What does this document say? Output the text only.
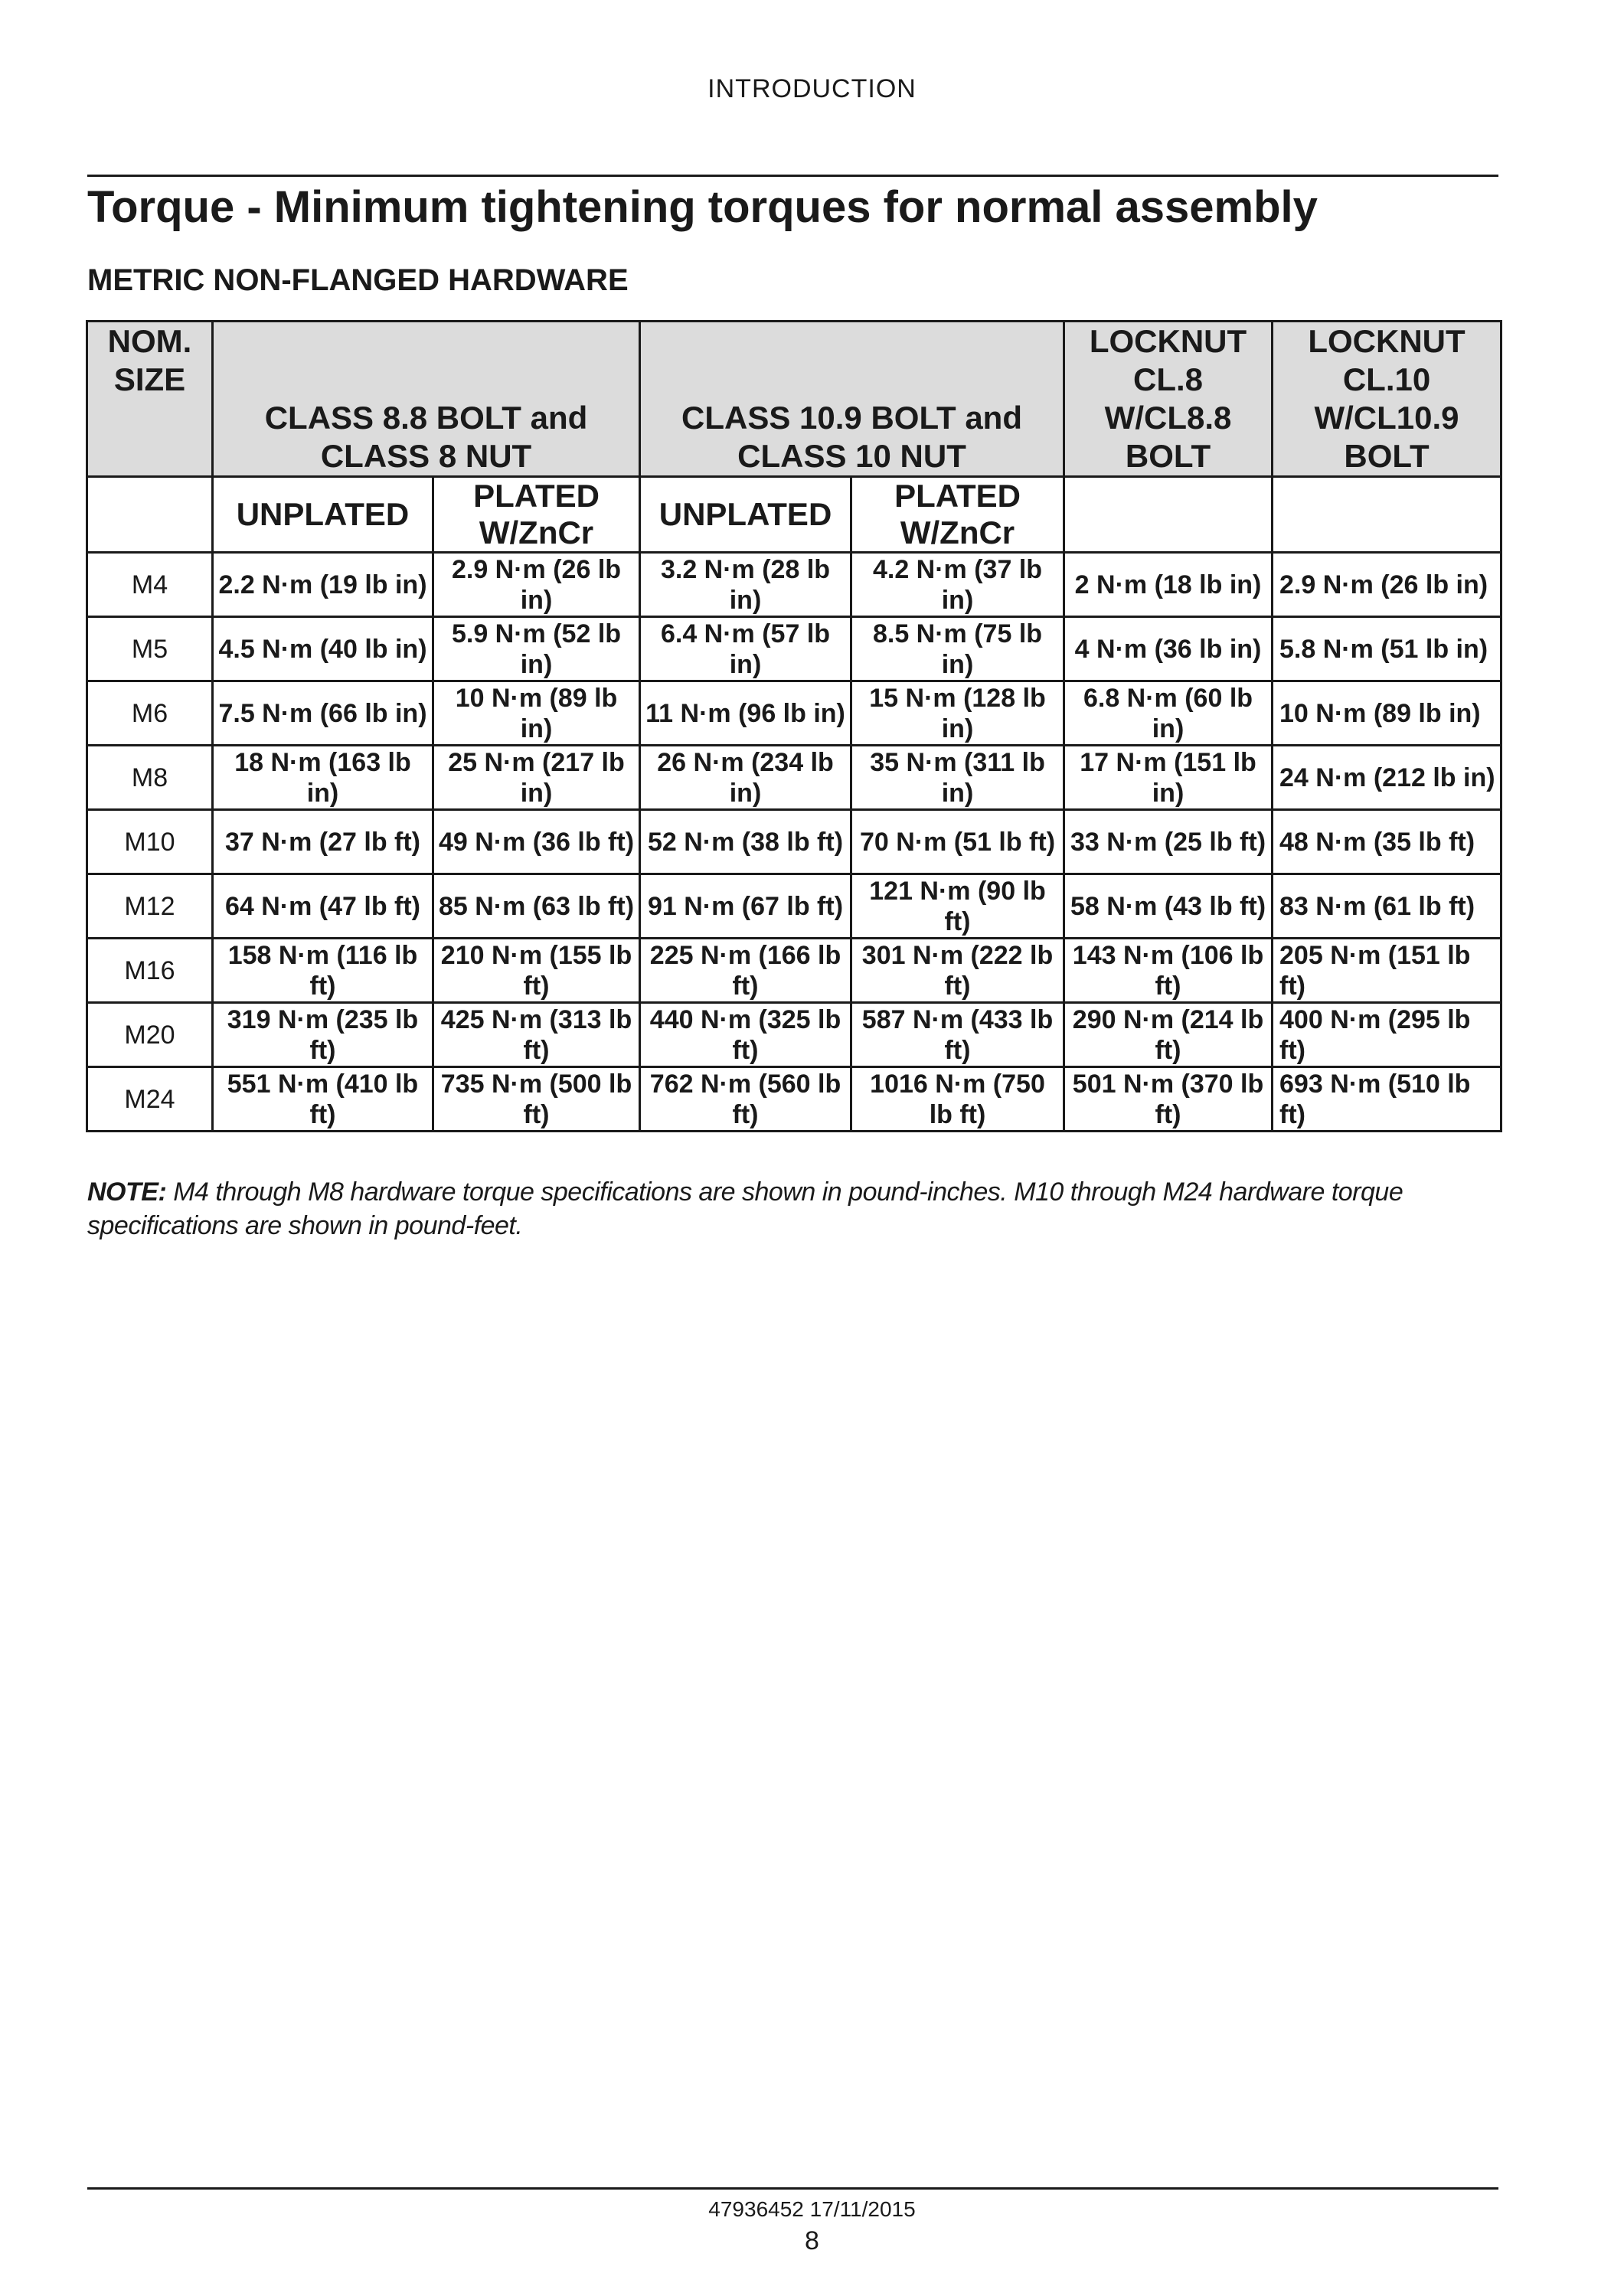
INTRODUCTION
Torque - Minimum tightening torques for normal assembly
METRIC NON-FLANGED HARDWARE
NOM. SIZE	CLASS 8.8 BOLT and CLASS 8 NUT		CLASS 10.9 BOLT and CLASS 10 NUT		LOCKNUT CL.8 W/CL8.8 BOLT	LOCKNUT CL.10 W/CL10.9 BOLT
	UNPLATED	PLATED W/ZnCr	UNPLATED	PLATED W/ZnCr		
M4	2.2 N·m (19 lb in)	2.9 N·m (26 lb in)	3.2 N·m (28 lb in)	4.2 N·m (37 lb in)	2 N·m (18 lb in)	2.9 N·m (26 lb in)
M5	4.5 N·m (40 lb in)	5.9 N·m (52 lb in)	6.4 N·m (57 lb in)	8.5 N·m (75 lb in)	4 N·m (36 lb in)	5.8 N·m (51 lb in)
M6	7.5 N·m (66 lb in)	10 N·m (89 lb in)	11 N·m (96 lb in)	15 N·m (128 lb in)	6.8 N·m (60 lb in)	10 N·m (89 lb in)
M8	18 N·m (163 lb in)	25 N·m (217 lb in)	26 N·m (234 lb in)	35 N·m (311 lb in)	17 N·m (151 lb in)	24 N·m (212 lb in)
M10	37 N·m (27 lb ft)	49 N·m (36 lb ft)	52 N·m (38 lb ft)	70 N·m (51 lb ft)	33 N·m (25 lb ft)	48 N·m (35 lb ft)
M12	64 N·m (47 lb ft)	85 N·m (63 lb ft)	91 N·m (67 lb ft)	121 N·m (90 lb ft)	58 N·m (43 lb ft)	83 N·m (61 lb ft)
M16	158 N·m (116 lb ft)	210 N·m (155 lb ft)	225 N·m (166 lb ft)	301 N·m (222 lb ft)	143 N·m (106 lb ft)	205 N·m (151 lb ft)
M20	319 N·m (235 lb ft)	425 N·m (313 lb ft)	440 N·m (325 lb ft)	587 N·m (433 lb ft)	290 N·m (214 lb ft)	400 N·m (295 lb ft)
M24	551 N·m (410 lb ft)	735 N·m (500 lb ft)	762 N·m (560 lb ft)	1016 N·m (750 lb ft)	501 N·m (370 lb ft)	693 N·m (510 lb ft)
NOTE: M4 through M8 hardware torque specifications are shown in pound-inches. M10 through M24 hardware torque specifications are shown in pound-feet.
47936452 17/11/2015
8
